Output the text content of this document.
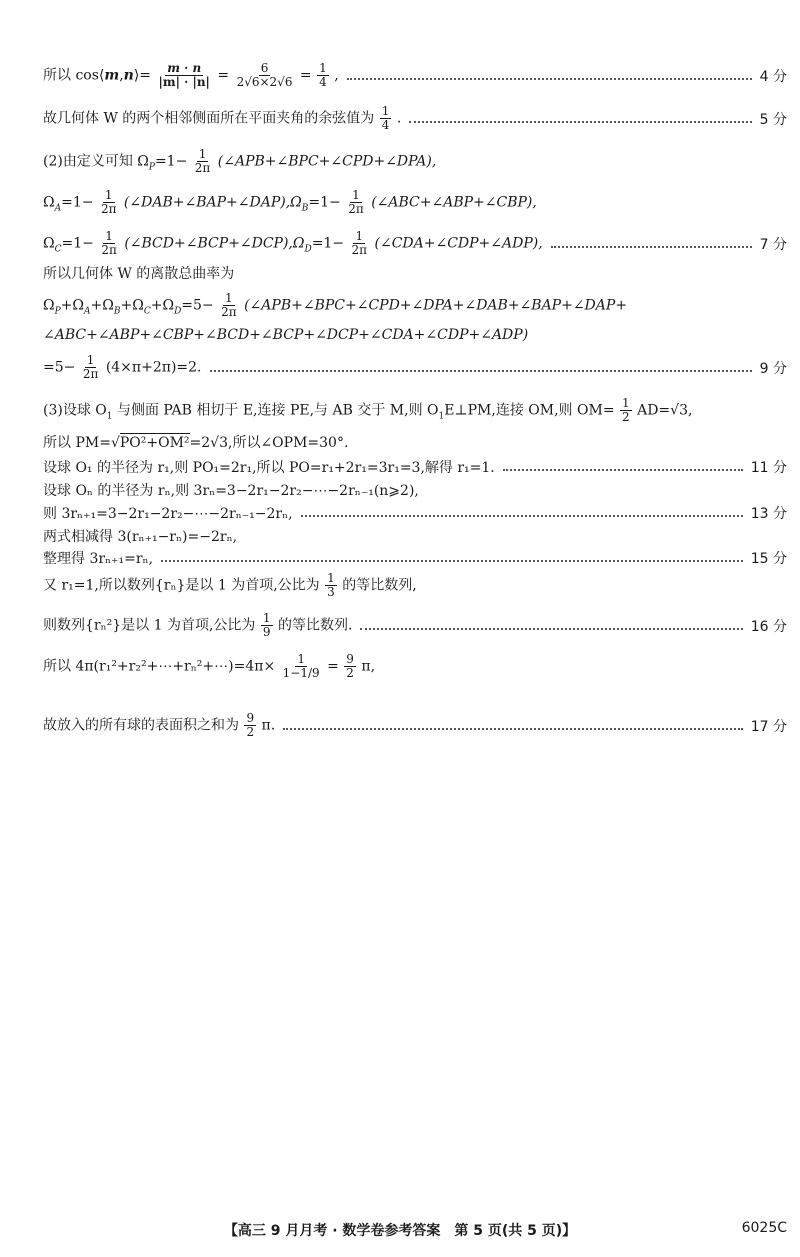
所以 cos⟨m,n⟩= $\frac{m \cdot n}{|m| \cdot |n|} = \frac{6}{2√6\times 2√6} = \frac{1}{4}$ ,	4 分
故几何体 W 的两个相邻侧面所在平面夹角的余弦值为 $\frac{1}{4}$ .	5 分
(2)由定义可知 $\Omega_P=1- \frac{1}{2\pi}$ (∠APB+∠BPC+∠CPD+∠DPA),
$\Omega_A=1- \frac{1}{2\pi}$ $(\angle DAB+\angle BAP+\angle DAP),\Omega_B=1- \frac{1}{2\pi}$ (∠ABC+∠ABP+∠CBP),
$\Omega_C=1- \frac{1}{2\pi}$ $(\angle BCD+\angle BCP+\angle DCP),\Omega_D=1- \frac{1}{2\pi}$ (∠CDA+∠CDP+∠ADP),	7 分
所以几何体 W 的离散总曲率为
$\Omega_P+\Omega_A+\Omega_B+\Omega_C+\Omega_D=5- \frac{1}{2\pi}$ (∠APB+∠BPC+∠CPD+∠DPA+∠DAB+∠BAP+∠DAP+
∠ABC+∠ABP+∠CBP+∠BCD+∠BCP+∠DCP+∠CDA+∠CDP+∠ADP)
$=5- \frac{1}{2\pi} (4\times\pi+2\pi)=2$.	9 分
(3)设球 $O_1$ 与侧面 PAB 相切于 E,连接 PE,与 AB 交于 M,则 $O_1E\perp PM$,连接 OM,则 $OM= \frac{1}{2} AD=√3$,
所以 PM=√PO²+OM²=2√3,所以∠OPM=30°.
设球 O₁ 的半径为 r₁,则 PO₁=2r₁,所以 PO=r₁+2r₁=3r₁=3,解得 r₁=1.	11 分
设球 Oₙ 的半径为 rₙ,则 3rₙ=3−2r₁−2r₂−⋯−2rₙ₋₁(n⩾2),
则 3rₙ₊₁=3−2r₁−2r₂−⋯−2rₙ₋₁−2rₙ,	13 分
两式相减得 3(rₙ₊₁−rₙ)=−2rₙ,
整理得 3rₙ₊₁=rₙ,	15 分
又 r₁=1,所以数列{rₙ}是以 1 为首项,公比为 $\frac{1}{3}$ 的等比数列,
则数列{rₙ²}是以 1 为首项,公比为 $\frac{1}{9}$ 的等比数列.	16 分
所以 4π(r₁²+r₂²+⋯+rₙ²+⋯)=4π× $\frac{1}{1-1/9} = \frac{9}{2} \pi$,
故放入的所有球的表面积之和为 $\frac{9}{2} \pi$.	17 分
【高三 9 月月考 · 数学卷参考答案　第 5 页(共 5 页)】	6025C
